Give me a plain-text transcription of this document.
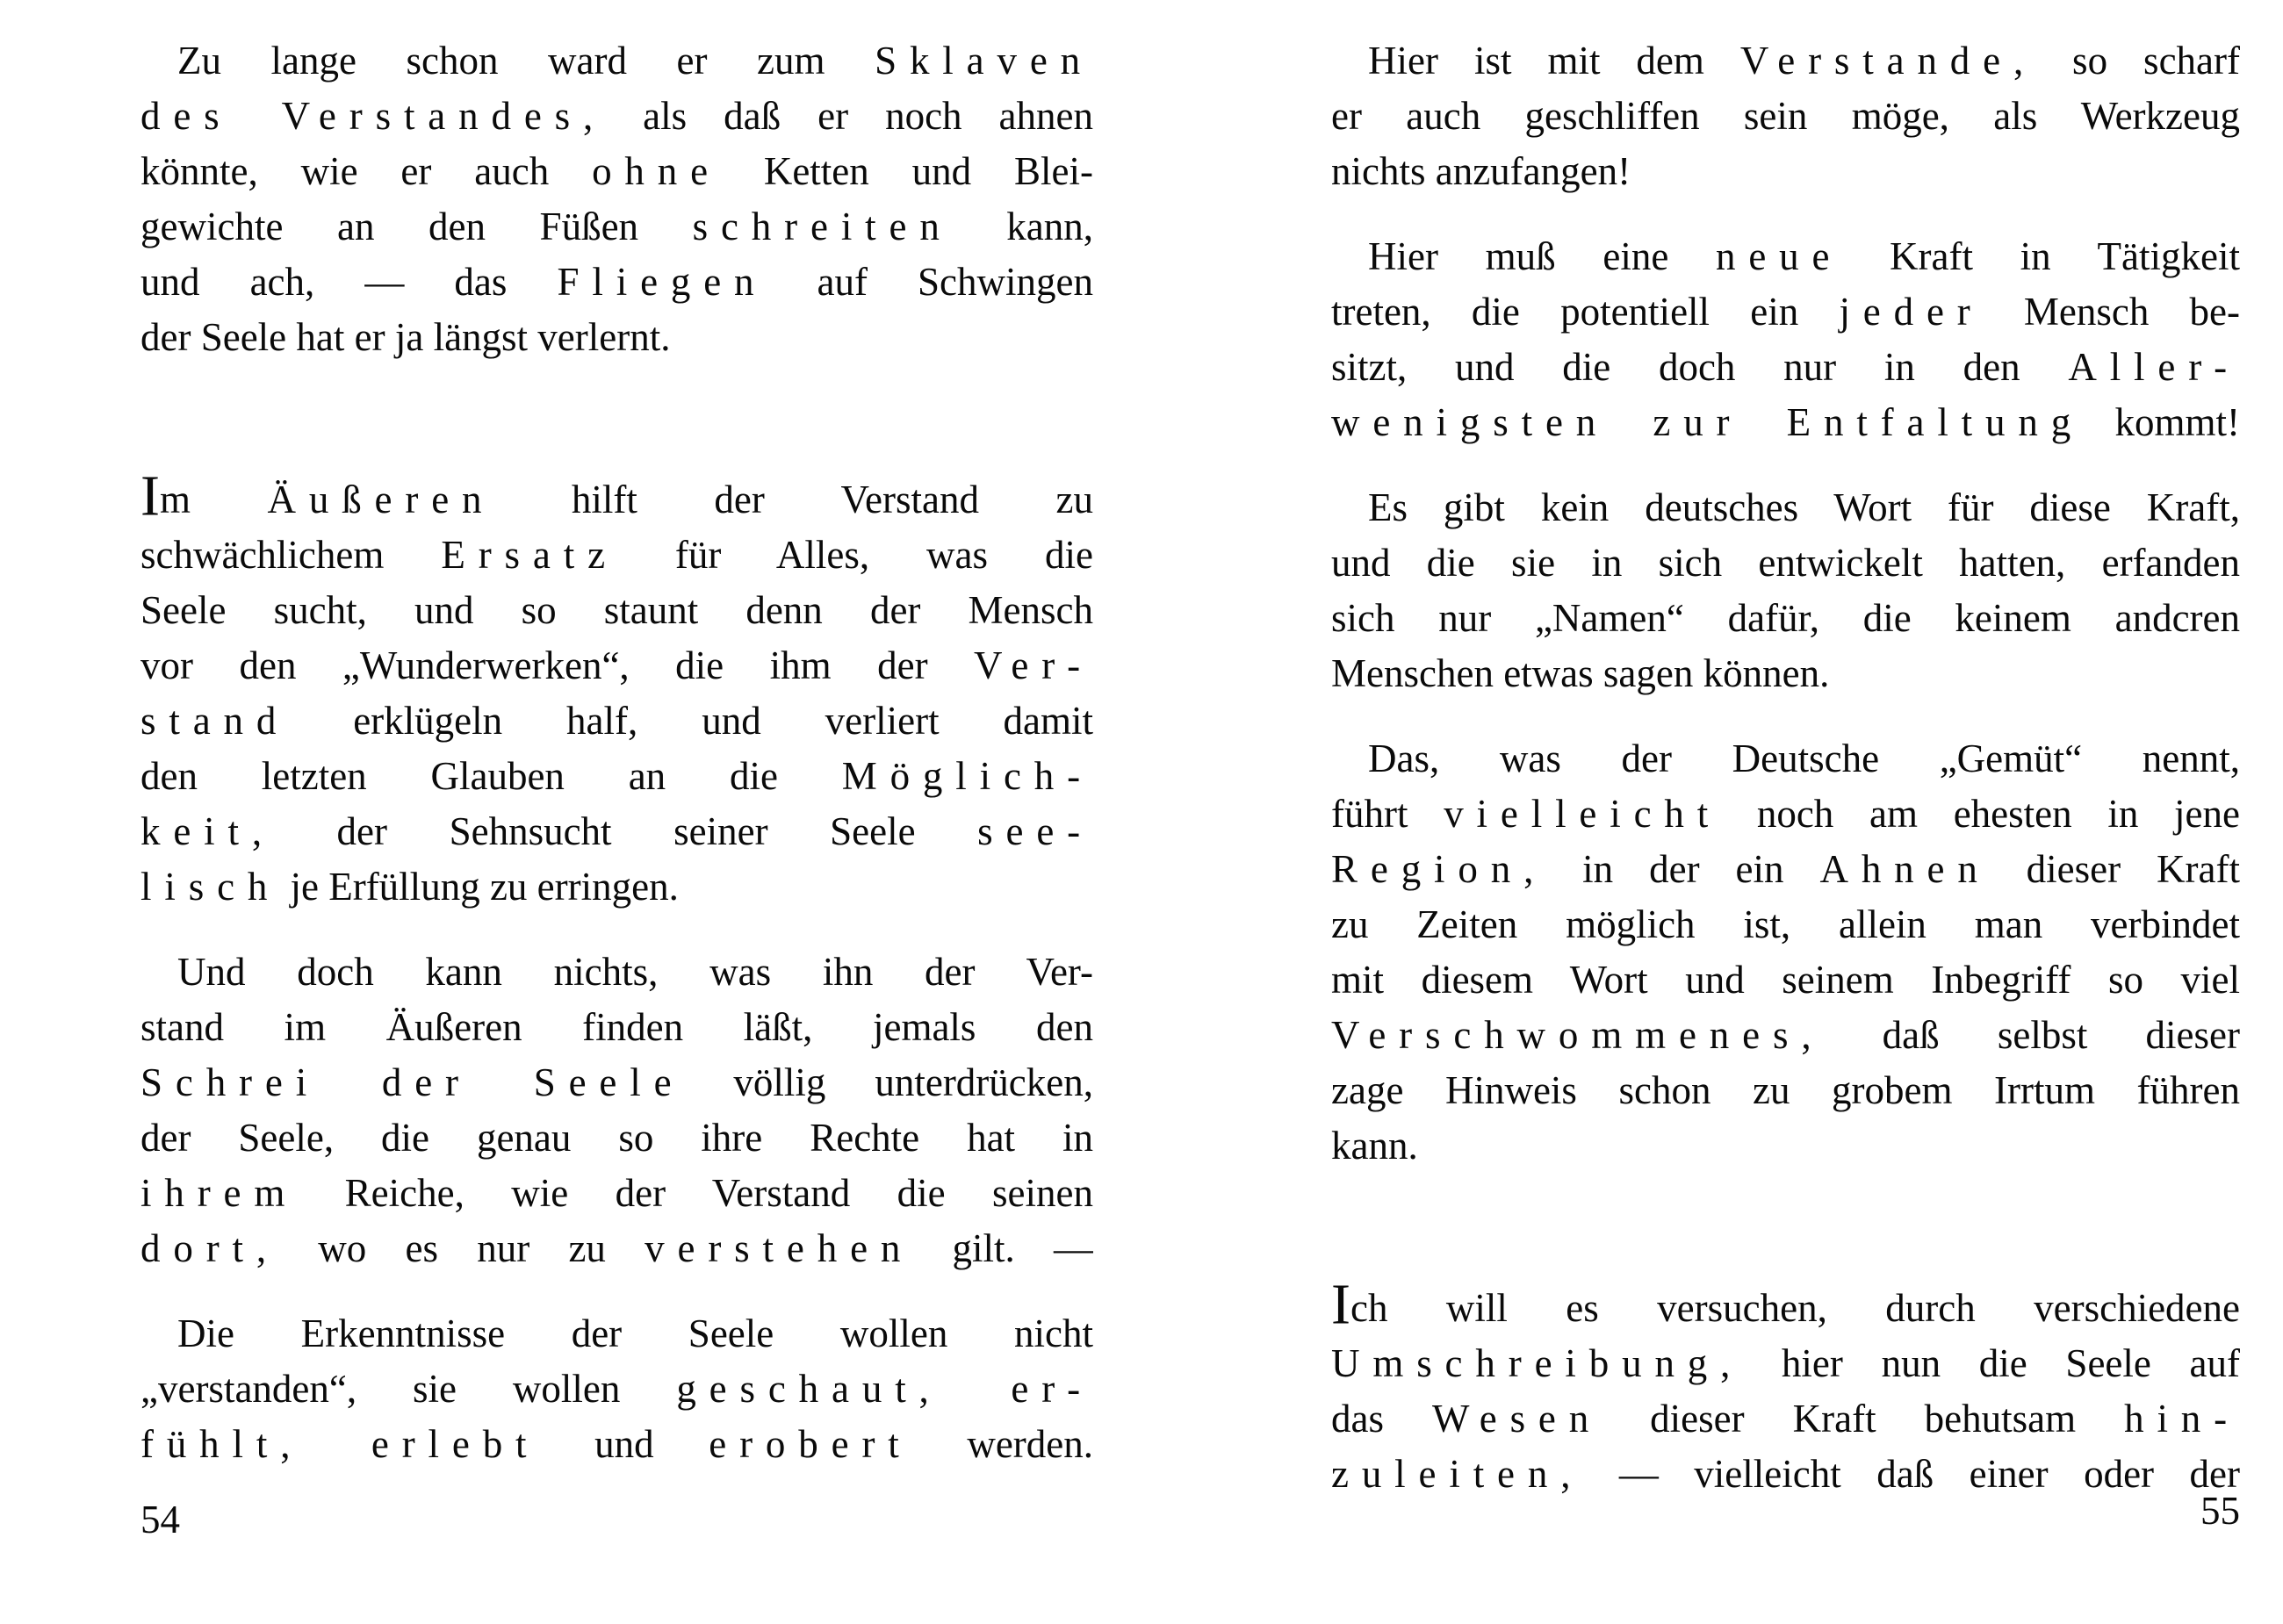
Zu lange schon ward er zum Sklaven
des Verstandes, als daß er noch ahnen
könnte, wie er auch ohne Ketten und Blei-
gewichte an den Füßen schreiten kann,
und ach, — das Fliegen auf Schwingen
der Seele hat er ja längst verlernt.
Im Äußeren hilft der Verstand zu
schwächlichem Ersatz für Alles, was die
Seele sucht, und so staunt denn der Mensch
vor den „Wunderwerken“, die ihm der Ver-
stand erklügeln half, und verliert damit
den letzten Glauben an die Möglich-
keit, der Sehnsucht seiner Seele see-
lisch je Erfüllung zu erringen.
Und doch kann nichts, was ihn der Ver-
stand im Äußeren finden läßt, jemals den
Schrei der Seele völlig unterdrücken,
der Seele, die genau so ihre Rechte hat in
ihrem Reiche, wie der Verstand die seinen
dort, wo es nur zu verstehen gilt. —
Die Erkenntnisse der Seele wollen nicht
„verstanden“, sie wollen geschaut, er-
fühlt, erlebt und erobert werden.
54
Hier ist mit dem Verstande, so scharf
er auch geschliffen sein möge, als Werkzeug
nichts anzufangen!
Hier muß eine neue Kraft in Tätigkeit
treten, die potentiell ein jeder Mensch be-
sitzt, und die doch nur in den Aller-
wenigsten zur Entfaltung kommt!
Es gibt kein deutsches Wort für diese Kraft,
und die sie in sich entwickelt hatten, erfanden
sich nur „Namen“ dafür, die keinem andcren
Menschen etwas sagen können.
Das, was der Deutsche „Gemüt“ nennt,
führt vielleicht noch am ehesten in jene
Region, in der ein Ahnen dieser Kraft
zu Zeiten möglich ist, allein man verbindet
mit diesem Wort und seinem Inbegriff so viel
Verschwommenes, daß selbst dieser
zage Hinweis schon zu grobem Irrtum führen
kann.
Ich will es versuchen, durch verschiedene
Umschreibung, hier nun die Seele auf
das Wesen dieser Kraft behutsam hin-
zuleiten, — vielleicht daß einer oder der
55
